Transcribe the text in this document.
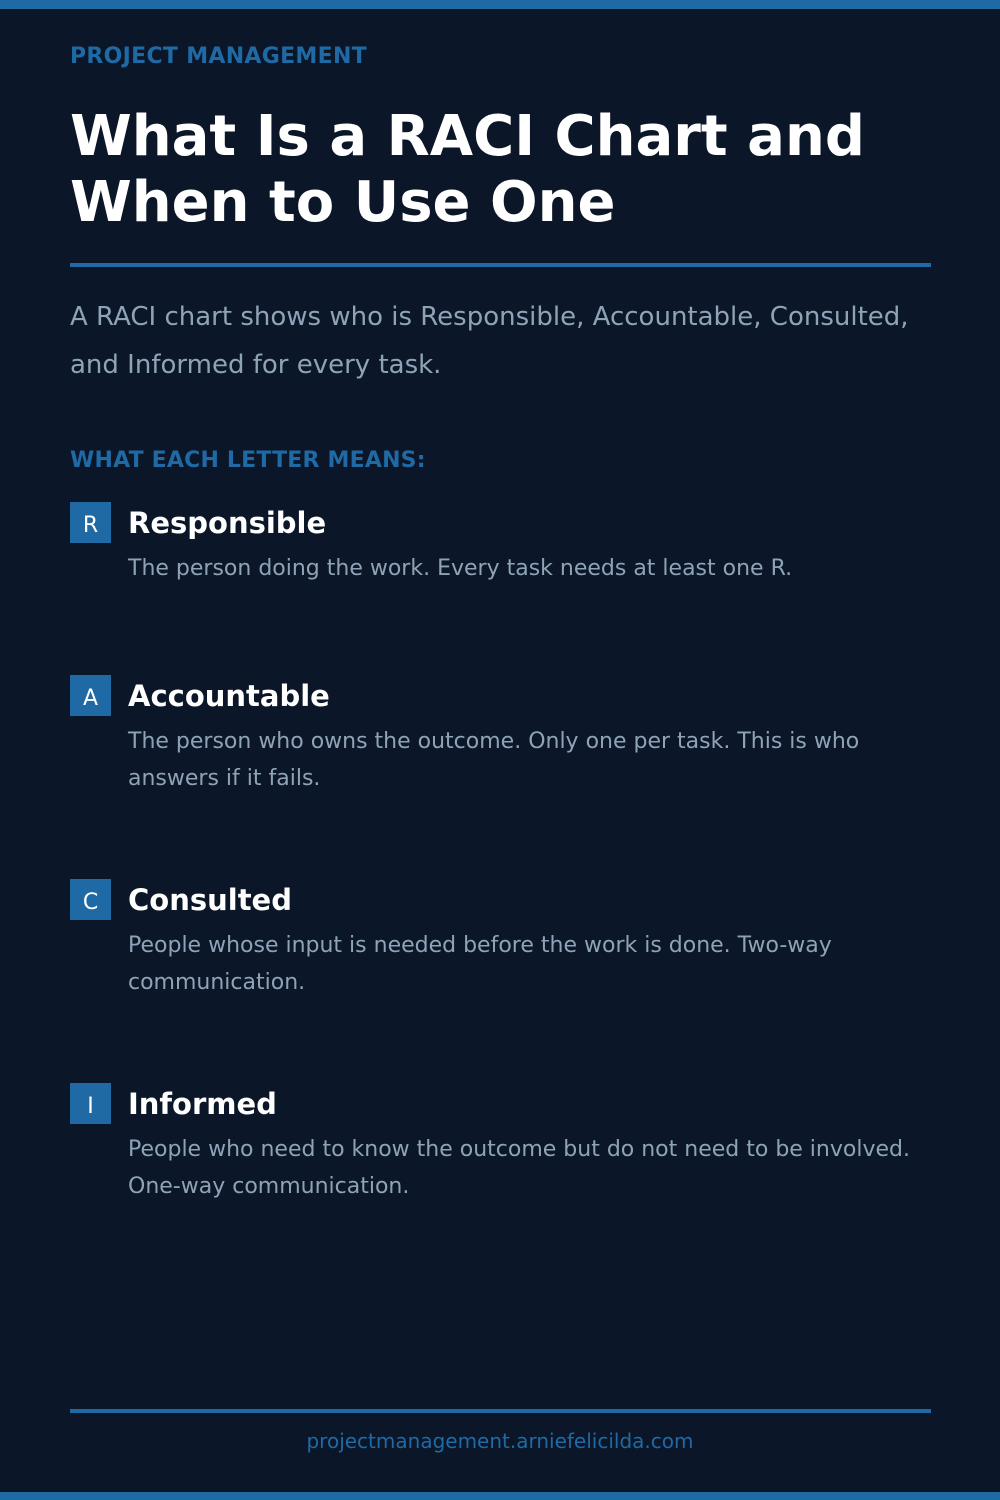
PROJECT MANAGEMENT
What Is a RACI Chart and When to Use One

A RACI chart shows who is Responsible, Accountable, Consulted, and Informed for every task.

WHAT EACH LETTER MEANS:
R	Responsible

The person doing the work. Every task needs at least one R.

A	Accountable

The person who owns the outcome. Only one per task. This is who answers if it fails.

C	Consulted

People whose input is needed before the work is done. Two-way communication.

I	Informed

People who need to know the outcome but do not need to be involved. One-way communication.

projectmanagement.arniefelicilda.com
